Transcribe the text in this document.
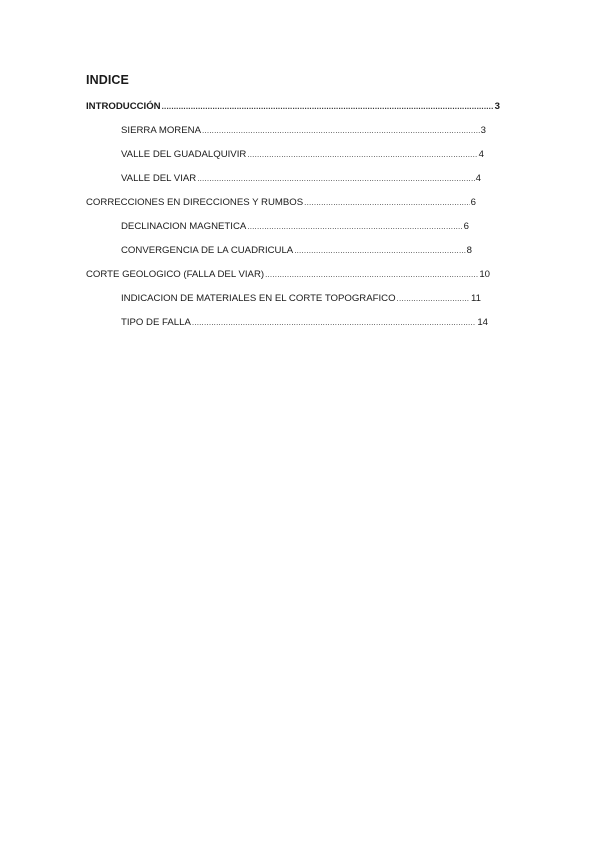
INDICE
INTRODUCCIÓN .....	3
SIERRA MORENA .....	3
VALLE DEL GUADALQUIVIR .....	4
VALLE DEL VIAR .....	4
CORRECCIONES EN DIRECCIONES Y RUMBOS .....	6
DECLINACION MAGNETICA .....	6
CONVERGENCIA DE LA CUADRICULA .....	8
CORTE GEOLOGICO (FALLA DEL VIAR) .....	10
INDICACION DE MATERIALES EN EL CORTE TOPOGRAFICO .....	11
TIPO DE FALLA .....	14
